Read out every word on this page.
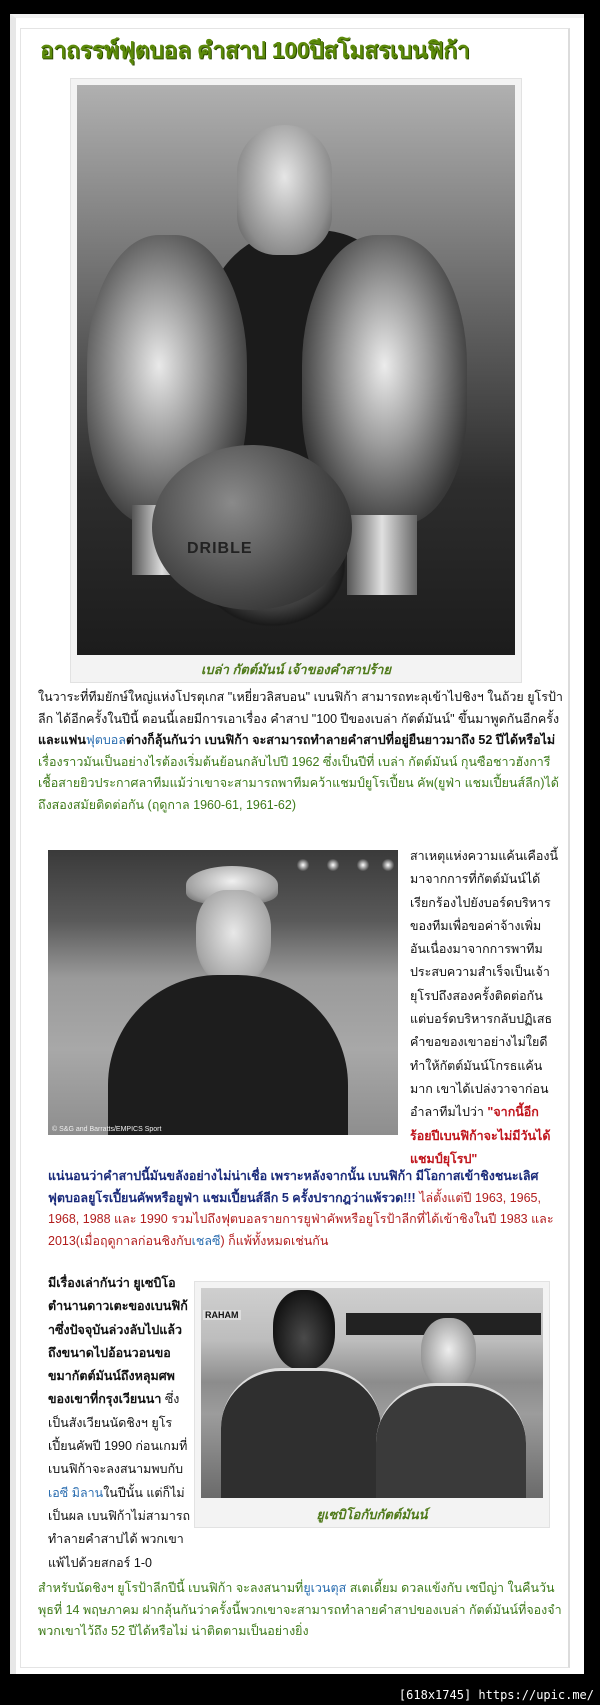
อาถรรพ์ฟุตบอล คำสาป 100ปีสโมสรเบนฟิก้า
DRIBLE
เบล่า กัตต์มันน์ เจ้าของคำสาปร้าย
ในวาระที่ทีมยักษ์ใหญ่แห่งโปรตุเกส "เหยี่ยวลิสบอน" เบนฟิก้า สามารถทะลุเข้าไปชิงฯ ในถ้วย ยูโรป้าลีก ได้อีกครั้งในปีนี้ ตอนนี้เลยมีการเอาเรื่อง คำสาป "100 ปีของเบล่า กัตต์มันน์" ขึ้นมาพูดกันอีกครั้ง และแฟนฟุตบอลต่างก็ลุ้นกันว่า เบนฟิก้า จะสามารถทำลายคำสาปที่อยู่ยืนยาวมาถึง 52 ปีได้หรือไม่ เรื่องราวมันเป็นอย่างไรต้องเริ่มต้นย้อนกลับไปปี 1962 ซึ่งเป็นปีที่ เบล่า กัตต์มันน์ กุนซือชาวฮังการีเชื้อสายยิวประกาศลาทีมแม้ว่าเขาจะสามารถพาทีมคว้าแชมป์ยูโรเปี้ยน คัพ(ยูฟ่า แชมเปี้ยนส์ลีก)ได้ถึงสองสมัยติดต่อกัน (ฤดูกาล 1960-61, 1961-62)
© S&G and Barratts/EMPICS Sport
สาเหตุแห่งความแค้นเคืองนี้มาจากการที่กัตต์มันน์ได้เรียกร้องไปยังบอร์ดบริหารของทีมเพื่อขอค่าจ้างเพิ่ม อันเนื่องมาจากการพาทีมประสบความสำเร็จเป็นเจ้ายุโรปถึงสองครั้งติดต่อกัน แต่บอร์ดบริหารกลับปฏิเสธคำขอของเขาอย่างไม่ใยดี ทำให้กัตต์มันน์โกรธแค้นมาก เขาได้เปล่งวาจาก่อนอำลาทีมไปว่า "จากนี้อีกร้อยปีเบนฟิก้าจะไม่มีวันได้แชมป์ยุโรป"
แน่นอนว่าคำสาปนี้มันขลังอย่างไม่น่าเชื่อ เพราะหลังจากนั้น เบนฟิก้า มีโอกาสเข้าชิงชนะเลิศฟุตบอลยูโรเปี้ยนคัพหรือยูฟ่า แชมเปี้ยนส์ลีก 5 ครั้งปรากฎว่าแพ้รวด!!! ไล่ตั้งแต่ปี 1963, 1965, 1968, 1988 และ 1990 รวมไปถึงฟุตบอลรายการยูฟ่าคัพหรือยูโรป้าลีกที่ได้เข้าชิงในปี 1983 และ 2013(เมื่อฤดูกาลก่อนชิงกับเชลซี) ก็แพ้ทั้งหมดเช่นกัน
มีเรื่องเล่ากันว่า ยูเซบิโอ ตำนานดาวเตะของเบนฟิก้าซึ่งปัจจุบันล่วงลับไปแล้ว ถึงขนาดไปอ้อนวอนขอขมากัตต์มันน์ถึงหลุมศพของเขาที่กรุงเวียนนา ซึ่งเป็นสังเวียนนัดชิงฯ ยูโรเปี้ยนคัพปี 1990 ก่อนเกมที่เบนฟิก้าจะลงสนามพบกับเอซี มิลานในปีนั้น แต่ก็ไม่เป็นผล เบนฟิก้าไม่สามารถทำลายคำสาปได้ พวกเขาแพ้ไปด้วยสกอร์ 1-0
RAHAM
ยูเซบิโอกับกัตต์มันน์
สำหรับนัดชิงฯ ยูโรป้าลีกปีนี้ เบนฟิก้า จะลงสนามที่ยูเวนตุส สเตเดี้ยม ดวลแข้งกับ เซบีญ่า ในคืนวันพุธที่ 14 พฤษภาคม ฝากลุ้นกันว่าครั้งนี้พวกเขาจะสามารถทำลายคำสาปของเบล่า กัตต์มันน์ที่จองจำพวกเขาไว้ถึง 52 ปีได้หรือไม่ น่าติดตามเป็นอย่างยิ่ง
[618x1745] https://upic.me/
